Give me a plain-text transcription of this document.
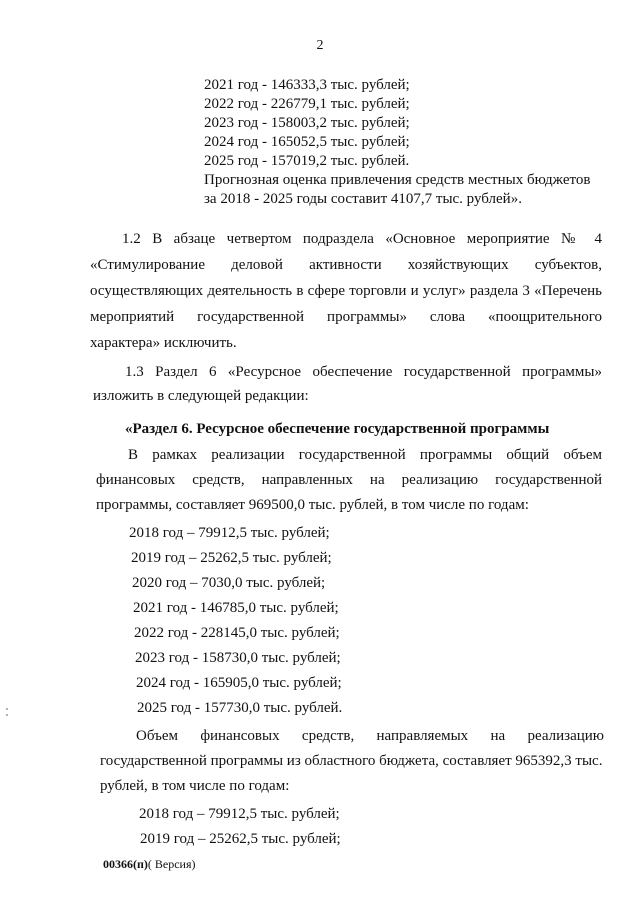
2
2021 год - 146333,3 тыс. рублей;
2022 год - 226779,1 тыс. рублей;
2023 год - 158003,2 тыс. рублей;
2024 год - 165052,5 тыс. рублей;
2025 год - 157019,2 тыс. рублей.
Прогнозная оценка привлечения средств местных бюджетов
за 2018 - 2025 годы составит 4107,7 тыс. рублей».
1.2 В абзаце четвертом подраздела «Основное мероприятие № 4
«Стимулирование деловой активности хозяйствующих субъектов,
осуществляющих деятельность в сфере торговли и услуг» раздела 3 «Перечень
мероприятий государственной программы» слова «поощрительного
характера» исключить.
1.3 Раздел 6 «Ресурсное обеспечение государственной программы»
изложить в следующей редакции:
«Раздел 6. Ресурсное обеспечение государственной программы
В рамках реализации государственной программы общий объем
финансовых средств, направленных на реализацию государственной
программы, составляет 969500,0 тыс. рублей, в том числе по годам:
2018 год – 79912,5 тыс. рублей;
2019 год – 25262,5 тыс. рублей;
2020 год – 7030,0 тыс. рублей;
2021 год - 146785,0 тыс. рублей;
2022 год - 228145,0 тыс. рублей;
2023 год - 158730,0 тыс. рублей;
2024 год - 165905,0 тыс. рублей;
2025 год - 157730,0 тыс. рублей.
Объем финансовых средств, направляемых на реализацию
государственной программы из областного бюджета, составляет 965392,3 тыс.
рублей, в том числе по годам:
2018 год – 79912,5 тыс. рублей;
2019 год – 25262,5 тыс. рублей;
00366(п)( Версия)
